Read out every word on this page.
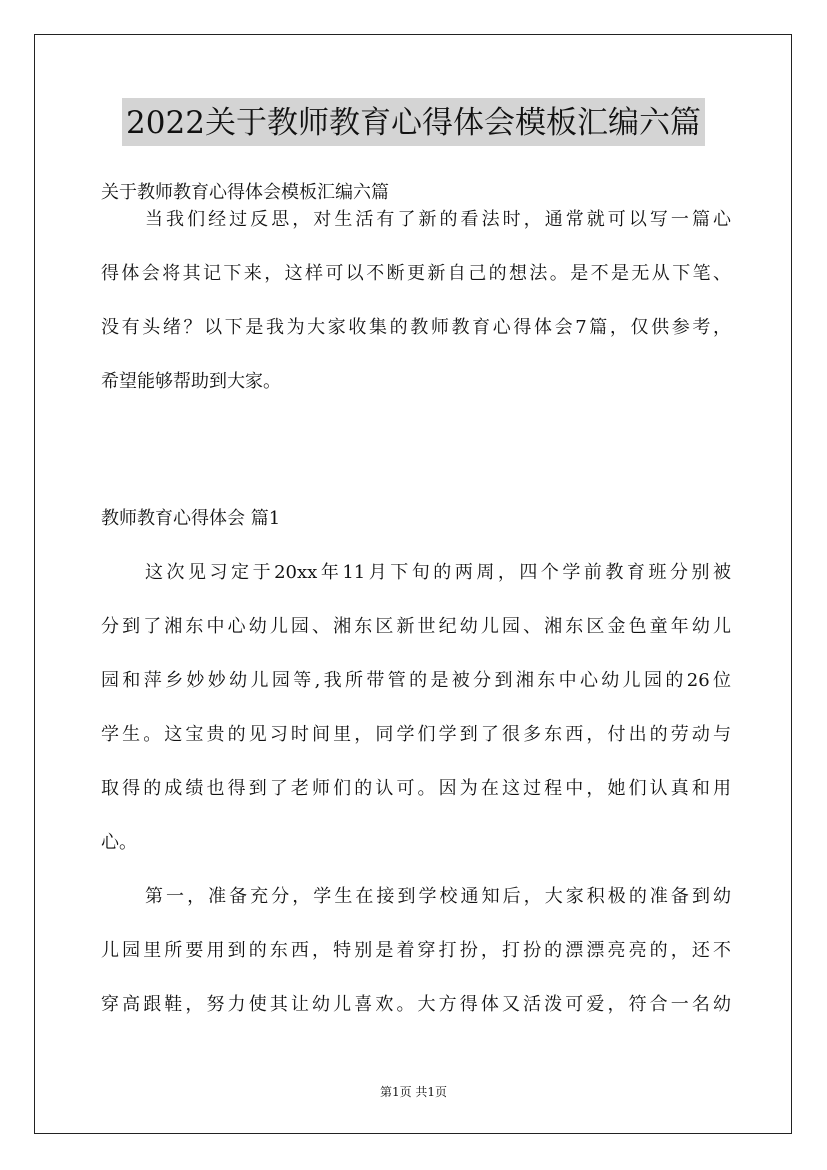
2022关于教师教育心得体会模板汇编六篇
关于教师教育心得体会模板汇编六篇
当我们经过反思，对生活有了新的看法时，通常就可以写一篇心
得体会将其记下来，这样可以不断更新自己的想法。是不是无从下笔、
没有头绪？以下是我为大家收集的教师教育心得体会7篇，仅供参考，
希望能够帮助到大家。
教师教育心得体会 篇1
这次见习定于20xx年11月下旬的两周，四个学前教育班分别被
分到了湘东中心幼儿园、湘东区新世纪幼儿园、湘东区金色童年幼儿
园和萍乡妙妙幼儿园等,我所带管的是被分到湘东中心幼儿园的26位
学生。这宝贵的见习时间里，同学们学到了很多东西，付出的劳动与
取得的成绩也得到了老师们的认可。因为在这过程中，她们认真和用
心。
第一，准备充分，学生在接到学校通知后，大家积极的准备到幼
儿园里所要用到的东西，特别是着穿打扮，打扮的漂漂亮亮的，还不
穿高跟鞋，努力使其让幼儿喜欢。大方得体又活泼可爱，符合一名幼
第1页 共1页
